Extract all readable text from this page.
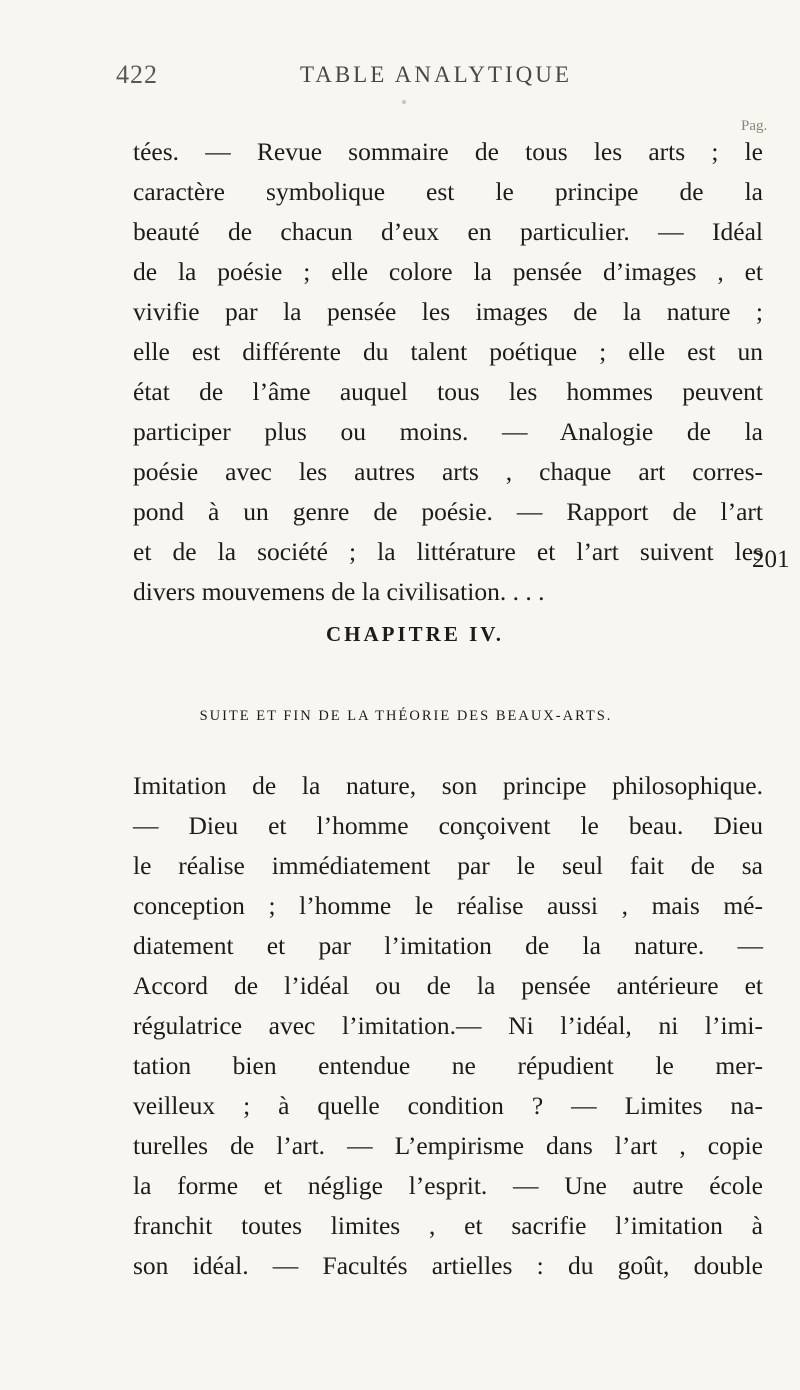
422	TABLE ANALYTIQUE
Pag.
tées. — Revue sommaire de tous les arts ; le
caractère symbolique est le principe de la
beauté de chacun d’eux en particulier. — Idéal
de la poésie ; elle colore la pensée d’images , et
vivifie par la pensée les images de la nature ;
elle est différente du talent poétique ; elle est un
état de l’âme auquel tous les hommes peuvent
participer plus ou moins. — Analogie de la
poésie avec les autres arts , chaque art corres-
pond à un genre de poésie. — Rapport de l’art
et de la société ; la littérature et l’art suivent les
divers mouvemens de la civilisation. . . .
201
CHAPITRE IV.
SUITE ET FIN DE LA THÉORIE DES BEAUX-ARTS.
Imitation de la nature, son principe philosophique.
— Dieu et l’homme conçoivent le beau. Dieu
le réalise immédiatement par le seul fait de sa
conception ; l’homme le réalise aussi , mais mé-
diatement et par l’imitation de la nature. —
Accord de l’idéal ou de la pensée antérieure et
régulatrice avec l’imitation.— Ni l’idéal, ni l’imi-
tation bien entendue ne répudient le mer-
veilleux ; à quelle condition ? — Limites na-
turelles de l’art. — L’empirisme dans l’art , copie
la forme et néglige l’esprit. — Une autre école
franchit toutes limites , et sacrifie l’imitation à
son idéal. — Facultés artielles : du goût, double
